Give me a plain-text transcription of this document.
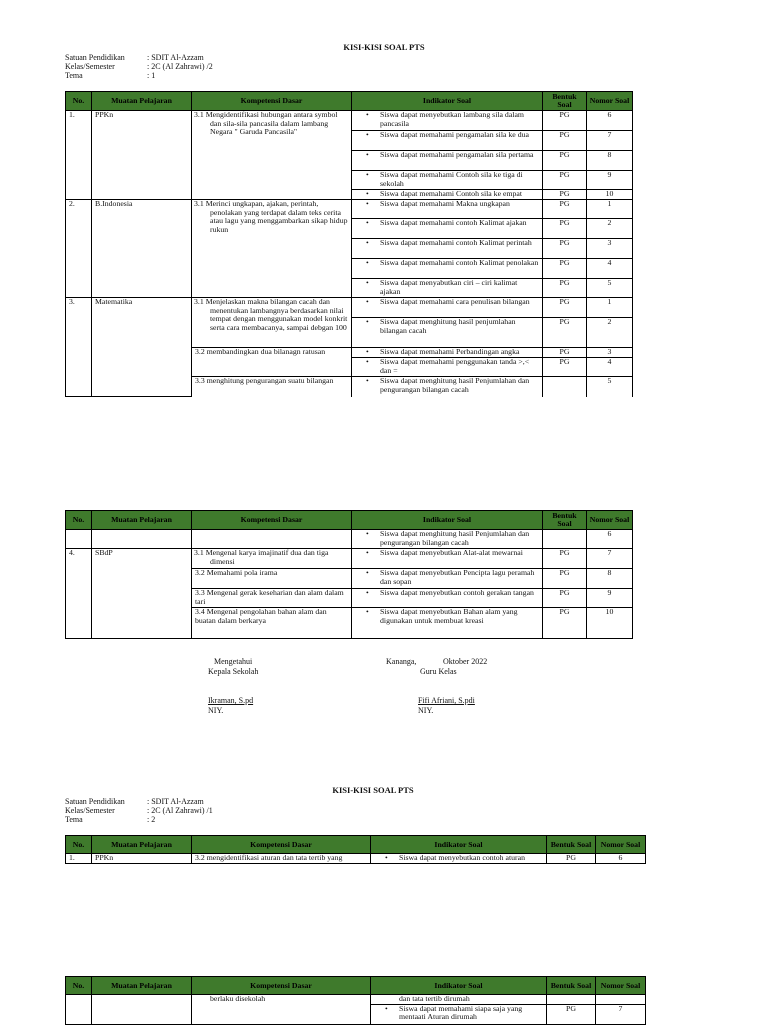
KISI-KISI SOAL PTS
Satuan Pendidikan	: SDIT Al-Azzam
Kelas/Semester	: 2C (Al Zahrawi) /2
Tema	: 1
No.	Muatan Pelajaran	Kompetensi Dasar	Indikator Soal	Bentuk Soal	Nomor Soal
1.	PPKn	3.1 Mengidentifikasi hubungan antara symbol dan sila-sila pancasila dalam lambang Negara " Garuda Pancasila"	• Siswa dapat menyebutkan lambang sila dalam pancasila	PG	6
			• Siswa dapat memahami pengamalan sila ke dua	PG	7
			• Siswa dapat memahami pengamalan sila pertama	PG	8
			• Siswa dapat memahami Contoh sila ke tiga di sekolah	PG	9
			• Siswa dapat memahami Contoh sila ke empat	PG	10
2.	B.Indonesia	3.1 Merinci ungkapan, ajakan, perintah, penolakan yang terdapat dalam teks cerita atau lagu yang menggambarkan sikap hidup rukun	• Siswa dapat memahami Makna ungkapan	PG	1
			• Siswa dapat memahami contoh Kalimat ajakan	PG	2
			• Siswa dapat memahami contoh Kalimat perintah	PG	3
			• Siswa dapat memahami contoh Kalimat penolakan	PG	4
			• Siswa dapat menyabutkan ciri – ciri kalimat ajakan	PG	5
3.	Matematika	3.1 Menjelaskan makna bilangan cacah dan menentukan lambangnya berdasarkan nilai tempat dengan menggunakan model konkrit serta cara membacanya, sampai debgan 100	• Siswa dapat memahami cara penulisan bilangan	PG	1
			• Siswa dapat menghitung hasil penjumlahan bilangan cacah	PG	2
		3.2 membandingkan dua bilanagn ratusan	• Siswa dapat memahami Perbandingan angka	PG	3
			• Siswa dapat memahami penggunakan tanda >,< dan =	PG	4
		3.3 menghitung pengurangan suatu bilangan	• Siswa dapat menghitung hasil Penjumlahan dan pengurangan bilangan cacah		5
No.	Muatan Pelajaran	Kompetensi Dasar	Indikator Soal	Bentuk Soal	Nomor Soal
			• Siswa dapat menghitung hasil Penjumlahan dan pengurangan bilangan cacah		6
4.	SBdP	3.1 Mengenal karya imajinatif dua dan tiga dimensi	• Siswa dapat menyebutkan Alat-alat mewarnai	PG	7
		3.2 Memahami pola irama	• Siswa dapat menyebutkan Pencipta lagu peramah dan sopan	PG	8
		3.3 Mengenal gerak keseharian dan alam dalam tari	• Siswa dapat menyebutkan contoh gerakan tangan	PG	9
		3.4 Mengenal pengolahan bahan alam dan buatan dalam berkarya	• Siswa dapat menyebutkan Bahan alam yang digunakan untuk membuat kreasi	PG	10
Mengetahui
Kepala Sekolah
Ikraman, S.pd
NIY.
Kananga,	Oktober 2022
Guru Kelas
Fifi Afriani, S.pdi
NIY.
KISI-KISI SOAL PTS
Satuan Pendidikan	: SDIT Al-Azzam
Kelas/Semester	: 2C (Al Zahrawi) /1
Tema	: 2
No.	Muatan Pelajaran	Kompetensi Dasar	Indikator Soal	Bentuk Soal	Nomor Soal
1.	PPKn	3.2 mengidentifikasi aturan dan tata tertib yang	• Siswa dapat menyebutkan contoh aturan	PG	6
No.	Muatan Pelajaran	Kompetensi Dasar	Indikator Soal	Bentuk Soal	Nomor Soal
		berlaku disekolah	dan tata tertib dirumah		
			• Siswa dapat memahami siapa saja yang mentaati Aturan dirumah	PG	7
